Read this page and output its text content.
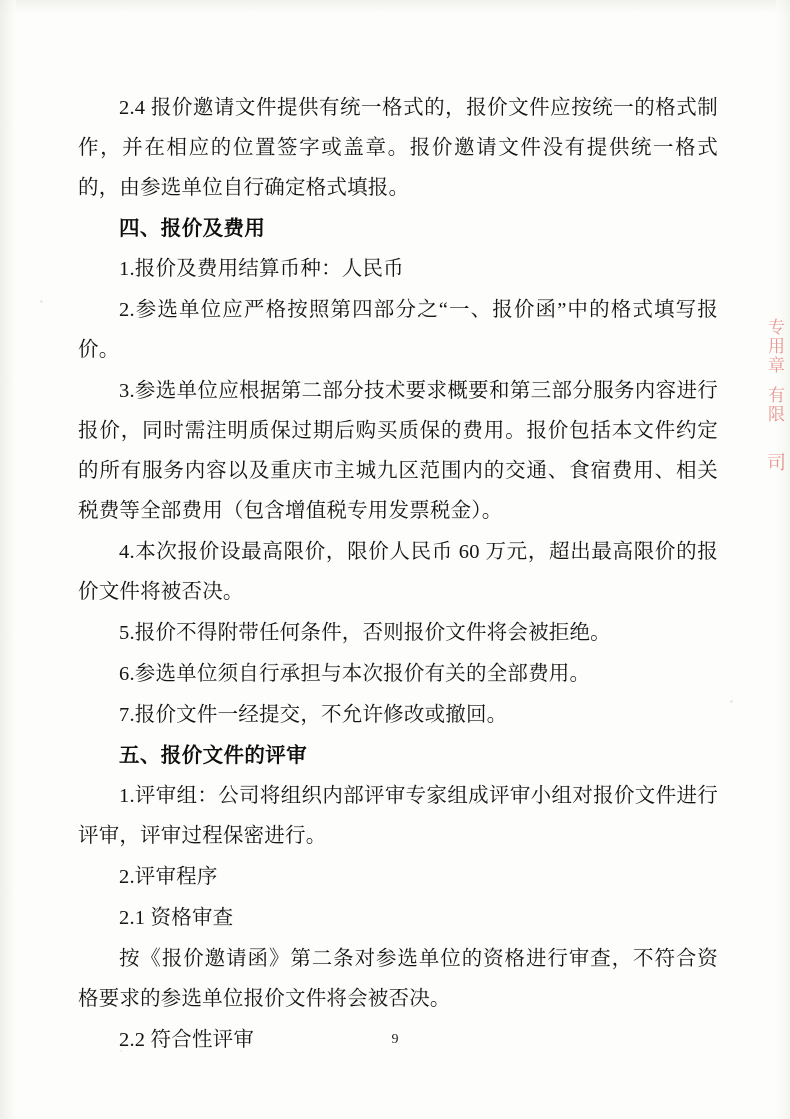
2.4 报价邀请文件提供有统一格式的，报价文件应按统一的格式制作，并在相应的位置签字或盖章。报价邀请文件没有提供统一格式的，由参选单位自行确定格式填报。

四、报价及费用

1.报价及费用结算币种：人民币

2.参选单位应严格按照第四部分之“一、报价函”中的格式填写报价。

3.参选单位应根据第二部分技术要求概要和第三部分服务内容进行报价，同时需注明质保过期后购买质保的费用。报价包括本文件约定的所有服务内容以及重庆市主城九区范围内的交通、食宿费用、相关税费等全部费用（包含增值税专用发票税金）。

4.本次报价设最高限价，限价人民币 60 万元，超出最高限价的报价文件将被否决。

5.报价不得附带任何条件，否则报价文件将会被拒绝。

6.参选单位须自行承担与本次报价有关的全部费用。

7.报价文件一经提交，不允许修改或撤回。

五、报价文件的评审

1.评审组：公司将组织内部评审专家组成评审小组对报价文件进行评审，评审过程保密进行。

2.评审程序

2.1 资格审查

按《报价邀请函》第二条对参选单位的资格进行审查，不符合资格要求的参选单位报价文件将会被否决。

2.2 符合性评审

专用章
有限
司
9
